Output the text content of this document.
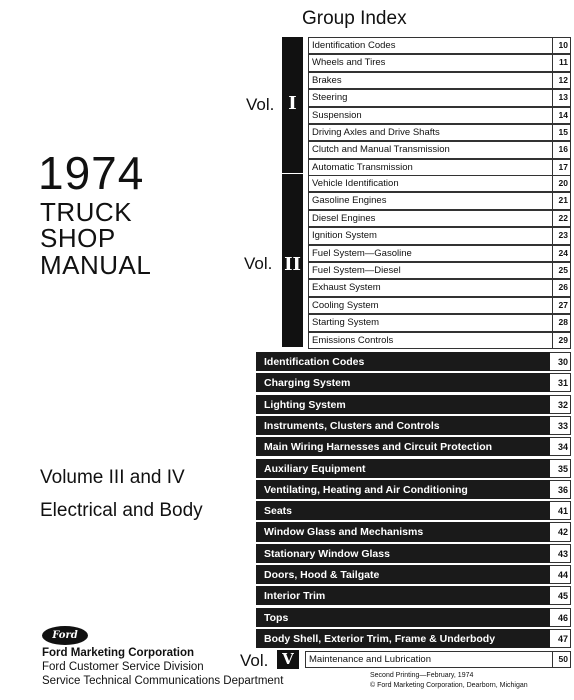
1974
TRUCK
SHOP
MANUAL
Volume III and IV
Electrical and Body
Ford
Ford Marketing Corporation
Ford Customer Service Division
Service Technical Communications Department
Group Index
Vol. I
Identification Codes	10
Wheels and Tires	11
Brakes	12
Steering	13
Suspension	14
Driving Axles and Drive Shafts	15
Clutch and Manual Transmission	16
Automatic Transmission	17
Vol. II
Vehicle Identification	20
Gasoline Engines	21
Diesel Engines	22
Ignition System	23
Fuel System—Gasoline	24
Fuel System—Diesel	25
Exhaust System	26
Cooling System	27
Starting System	28
Emissions Controls	29
Identification Codes	30
Charging System	31
Lighting System	32
Instruments, Clusters and Controls	33
Main Wiring Harnesses and Circuit Protection	34
Auxiliary Equipment	35
Ventilating, Heating and Air Conditioning	36
Seats	41
Window Glass and Mechanisms	42
Stationary Window Glass	43
Doors, Hood & Tailgate	44
Interior Trim	45
Tops	46
Body Shell, Exterior Trim, Frame & Underbody	47
Vol. V	Maintenance and Lubrication	50
Second Printing—February, 1974
© Ford Marketing Corporation, Dearborn, Michigan
